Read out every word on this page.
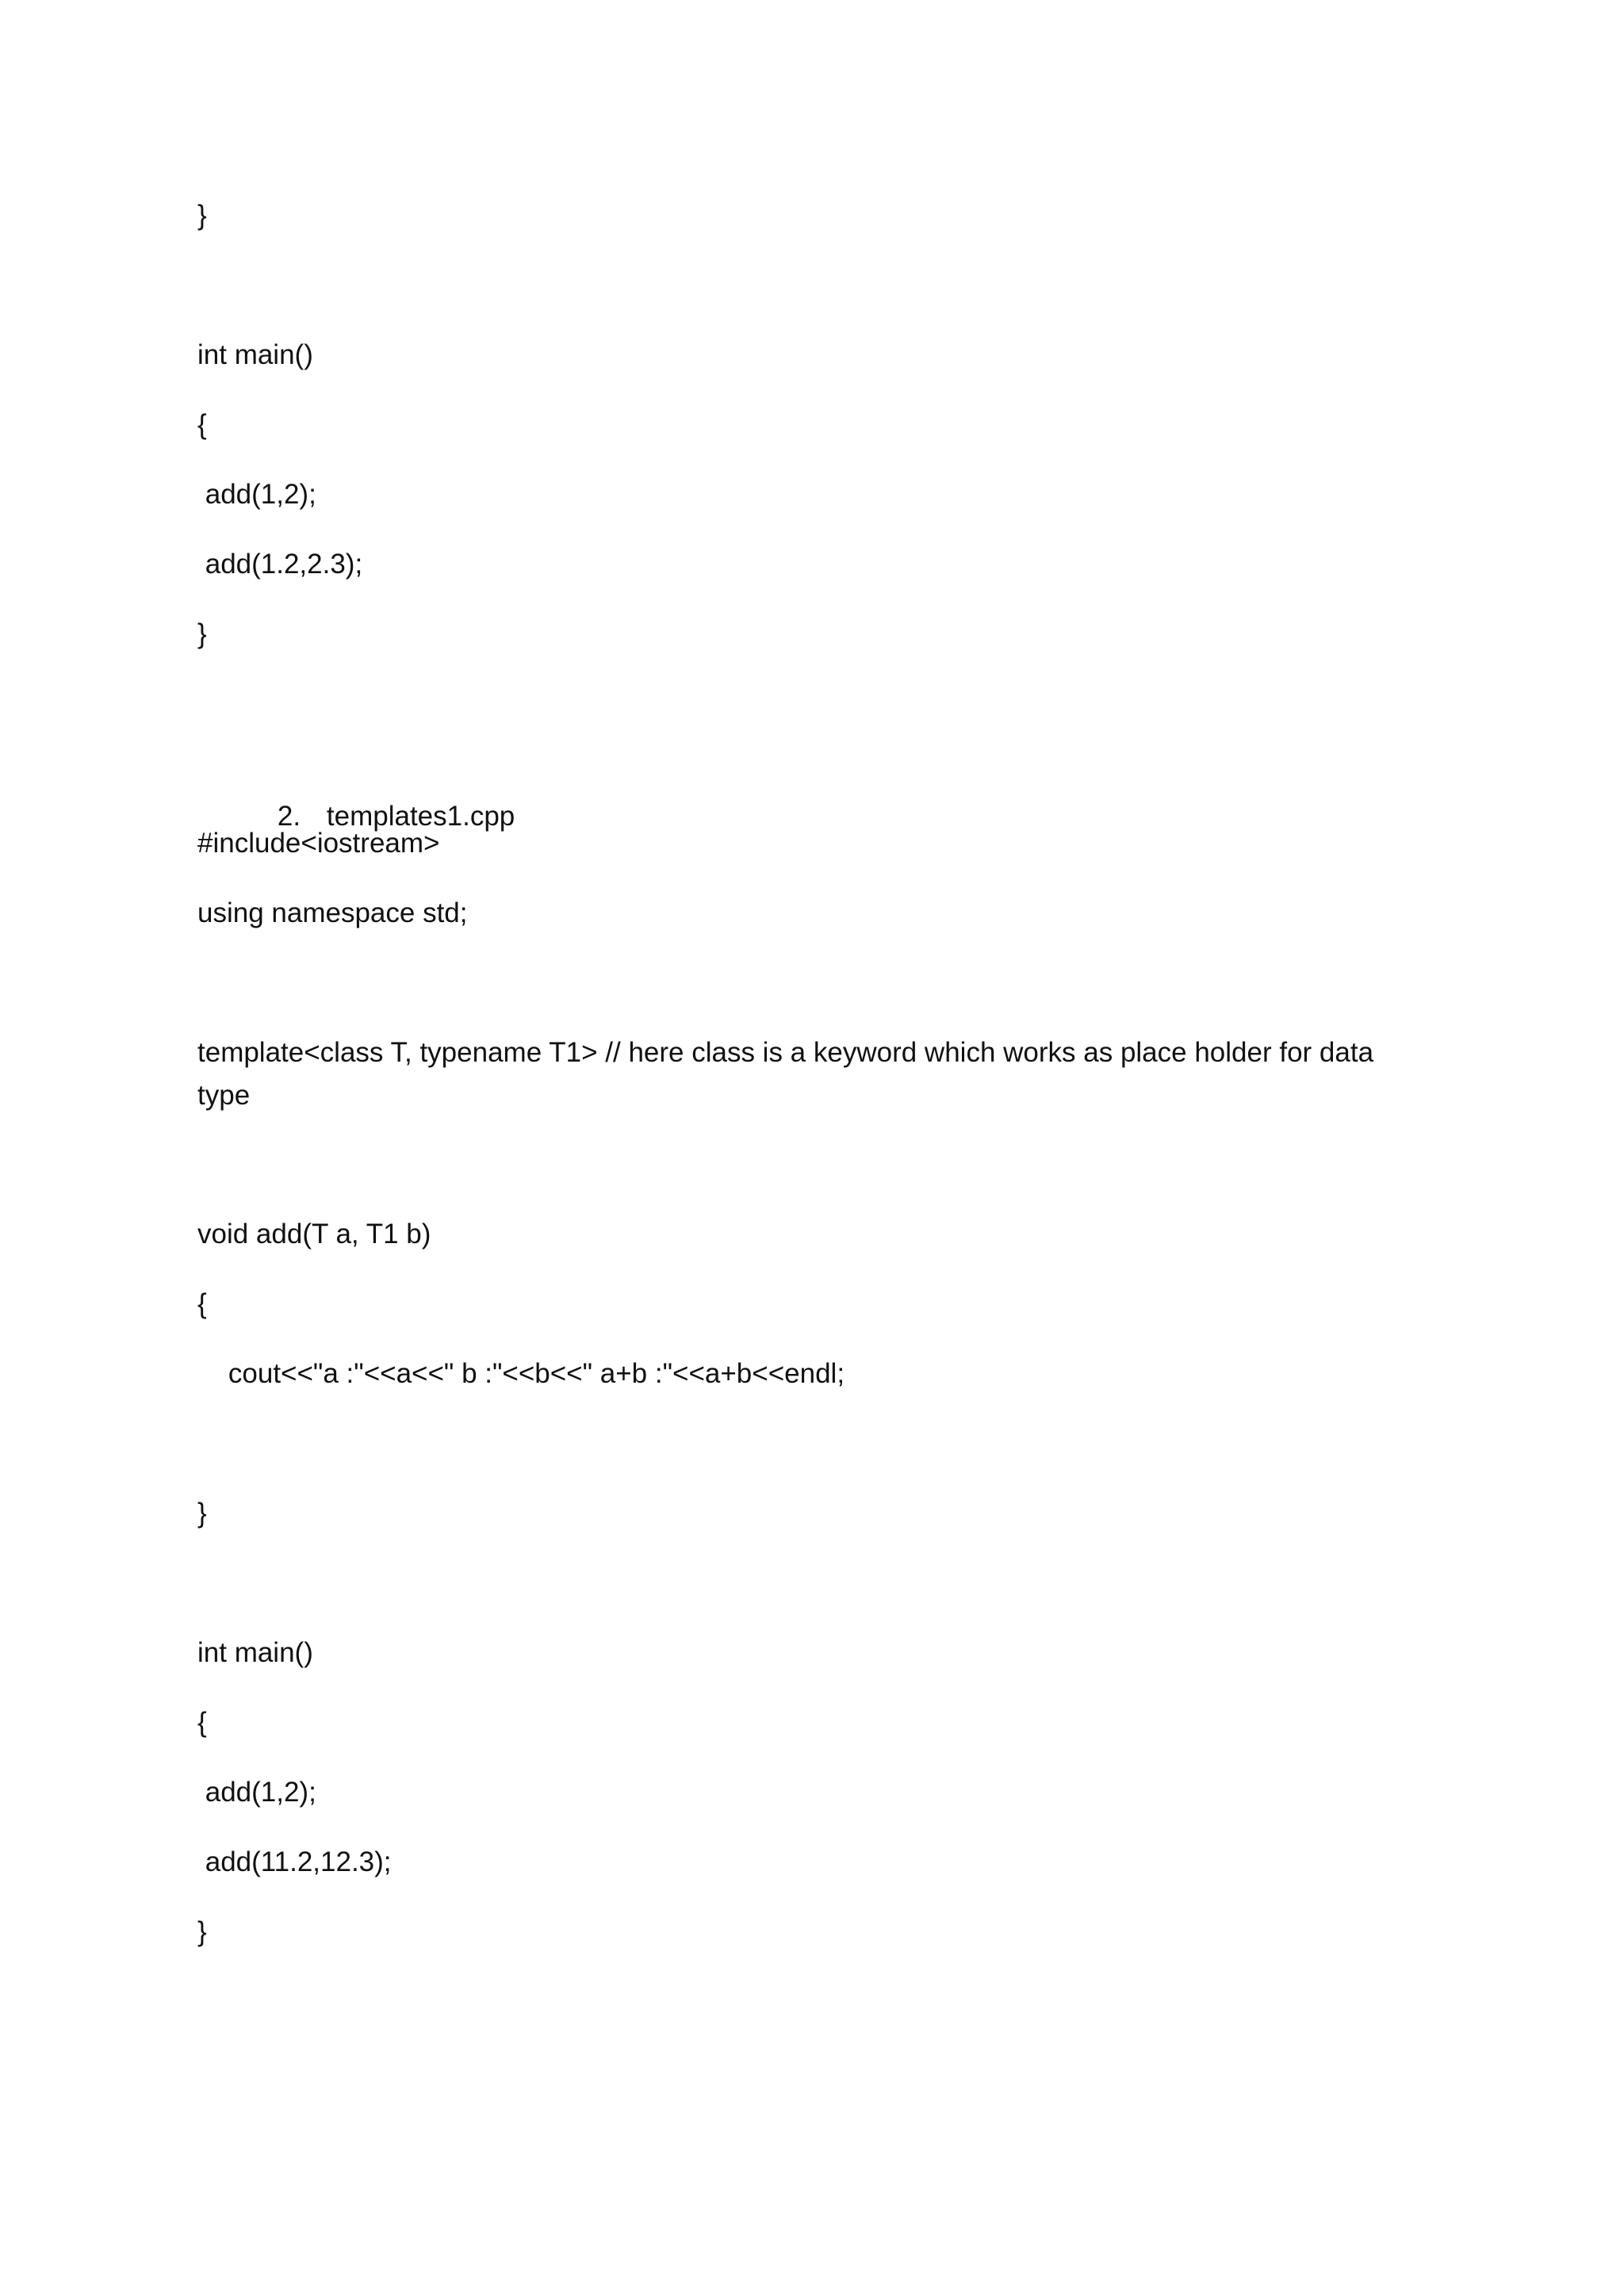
}
int main()
{
add(1,2);
add(1.2,2.3);
}

2. templates1.cpp

#include<iostream>
using namespace std;
template<class T, typename T1> // here class is a keyword which works as place holder for data type
void add(T a, T1 b)
{
cout<<"a :"<<a<<" b :"<<b<<" a+b :"<<a+b<<endl;
}
int main()
{
add(1,2);
add(11.2,12.3);
}
